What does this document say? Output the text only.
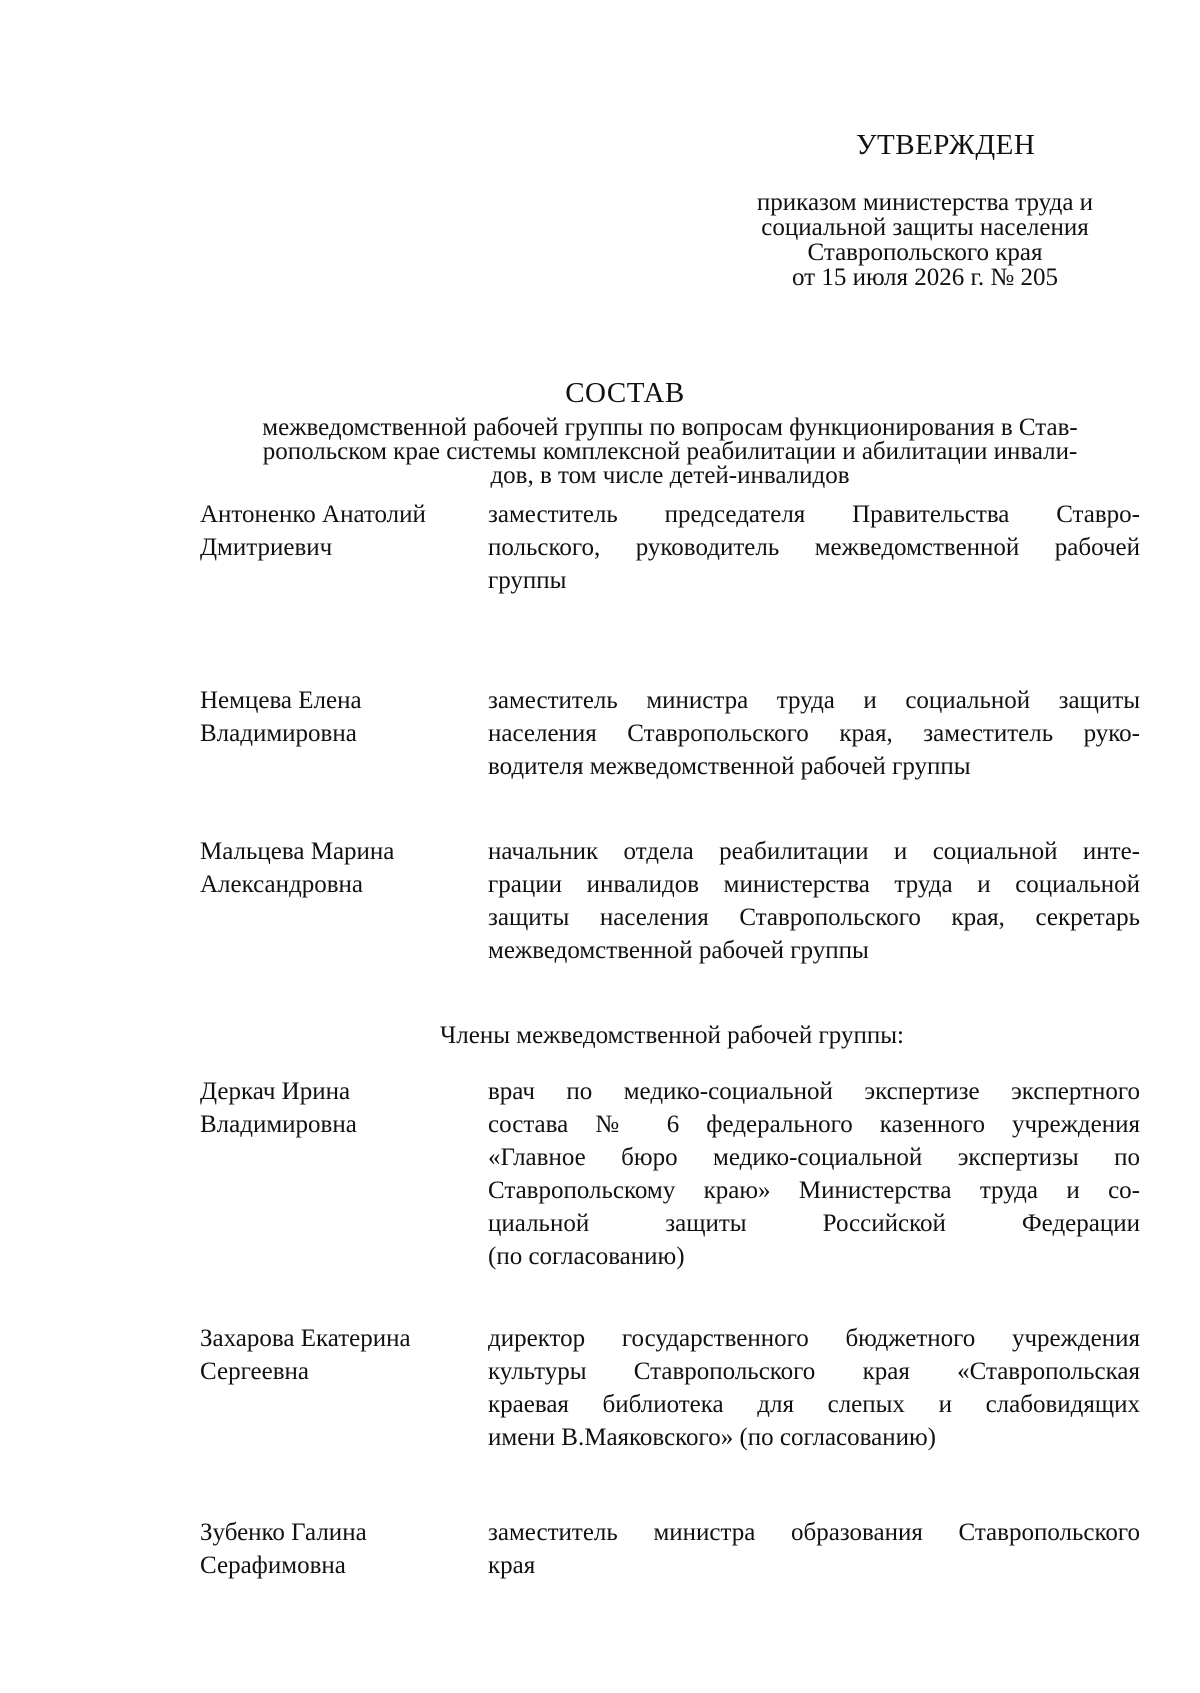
УТВЕРЖДЕН
приказом министерства труда и
социальной защиты населения
Ставропольского края
от 15 июля 2026 г. № 205
СОСТАВ
межведомственной рабочей группы по вопросам функционирования в Став-
ропольском крае системы комплексной реабилитации и абилитации инвали-
дов, в том числе детей-инвалидов
Антоненко Анатолий
Дмитриевич
заместитель председателя Правительства Ставро-
польского, руководитель межведомственной рабочей
группы
Немцева Елена
Владимировна
заместитель министра труда и социальной защиты
населения Ставропольского края, заместитель руко-
водителя межведомственной рабочей группы
Мальцева Марина
Александровна
начальник отдела реабилитации и социальной инте-
грации инвалидов министерства труда и социальной
защиты населения Ставропольского края, секретарь
межведомственной рабочей группы
Члены межведомственной рабочей группы:
Деркач Ирина
Владимировна
врач по медико-социальной экспертизе экспертного
состава № 6 федерального казенного учреждения
«Главное бюро медико-социальной экспертизы по
Ставропольскому краю» Министерства труда и со-
циальной защиты Российской Федерации
(по согласованию)
Захарова Екатерина
Сергеевна
директор государственного бюджетного учреждения
культуры Ставропольского края «Ставропольская
краевая библиотека для слепых и слабовидящих
имени В.Маяковского» (по согласованию)
Зубенко Галина
Серафимовна
заместитель министра образования Ставропольского
края
